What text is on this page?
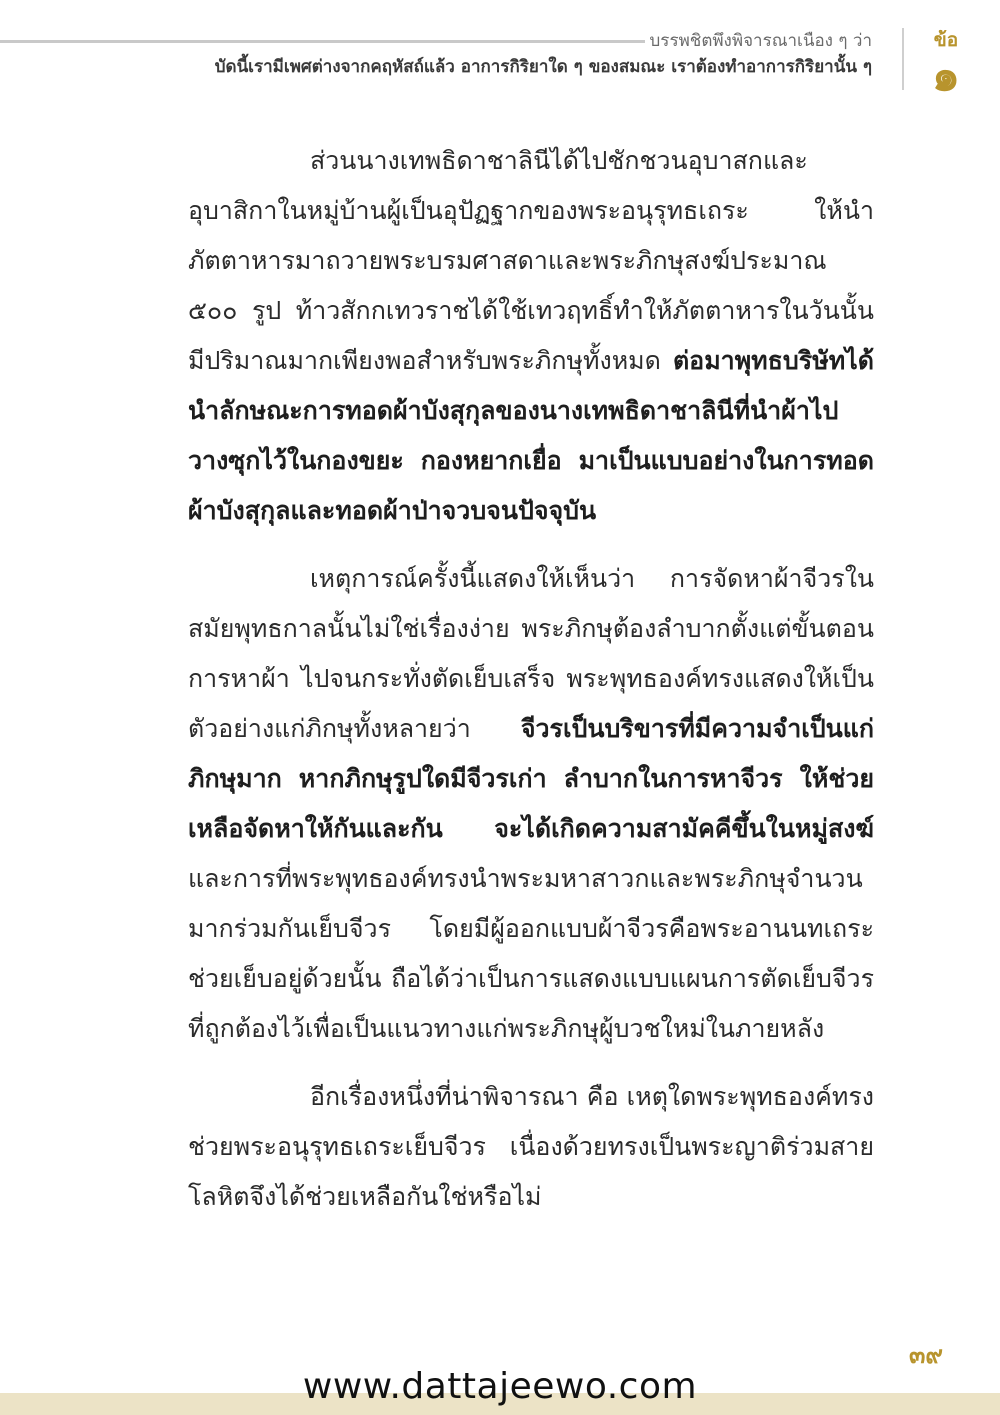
บรรพชิตพึงพิจารณาเนือง ๆ ว่า
บัดนี้เรามีเพศต่างจากคฤหัสถ์แล้ว อาการกิริยาใด ๆ ของสมณะ เราต้องทำอาการกิริยานั้น ๆ
ข้อ
๑

ส่วนนางเทพธิดาชาลินีได้ไปชักชวนอุบาสกและอุบาสิกาในหมู่บ้านผู้เป็นอุปัฏฐากของพระอนุรุทธเถระ ให้นำภัตตาหารมาถวายพระบรมศาสดาและพระภิกษุสงฆ์ประมาณ ๕๐๐ รูป ท้าวสักกเทวราชได้ใช้เทวฤทธิ์ทำให้ภัตตาหารในวันนั้นมีปริมาณมากเพียงพอสำหรับพระภิกษุทั้งหมด ต่อมาพุทธบริษัทได้นำลักษณะการทอดผ้าบังสุกุลของนางเทพธิดาชาลินีที่นำผ้าไปวางซุกไว้ในกองขยะ กองหยากเยื่อ มาเป็นแบบอย่างในการทอดผ้าบังสุกุลและทอดผ้าป่าจวบจนปัจจุบัน

เหตุการณ์ครั้งนี้แสดงให้เห็นว่า การจัดหาผ้าจีวรในสมัยพุทธกาลนั้นไม่ใช่เรื่องง่าย พระภิกษุต้องลำบากตั้งแต่ขั้นตอนการหาผ้า ไปจนกระทั่งตัดเย็บเสร็จ พระพุทธองค์ทรงแสดงให้เป็นตัวอย่างแก่ภิกษุทั้งหลายว่า จีวรเป็นบริขารที่มีความจำเป็นแก่ภิกษุมาก หากภิกษุรูปใดมีจีวรเก่า ลำบากในการหาจีวร ให้ช่วยเหลือจัดหาให้กันและกัน จะได้เกิดความสามัคคีขึ้นในหมู่สงฆ์ และการที่พระพุทธองค์ทรงนำพระมหาสาวกและพระภิกษุจำนวนมากร่วมกันเย็บจีวร โดยมีผู้ออกแบบผ้าจีวรคือพระอานนทเถระช่วยเย็บอยู่ด้วยนั้น ถือได้ว่าเป็นการแสดงแบบแผนการตัดเย็บจีวรที่ถูกต้องไว้เพื่อเป็นแนวทางแก่พระภิกษุผู้บวชใหม่ในภายหลัง

อีกเรื่องหนึ่งที่น่าพิจารณา คือ เหตุใดพระพุทธองค์ทรงช่วยพระอนุรุทธเถระเย็บจีวร เนื่องด้วยทรงเป็นพระญาติร่วมสายโลหิตจึงได้ช่วยเหลือกันใช่หรือไม่

๓๙
www.dattajeewo.com
